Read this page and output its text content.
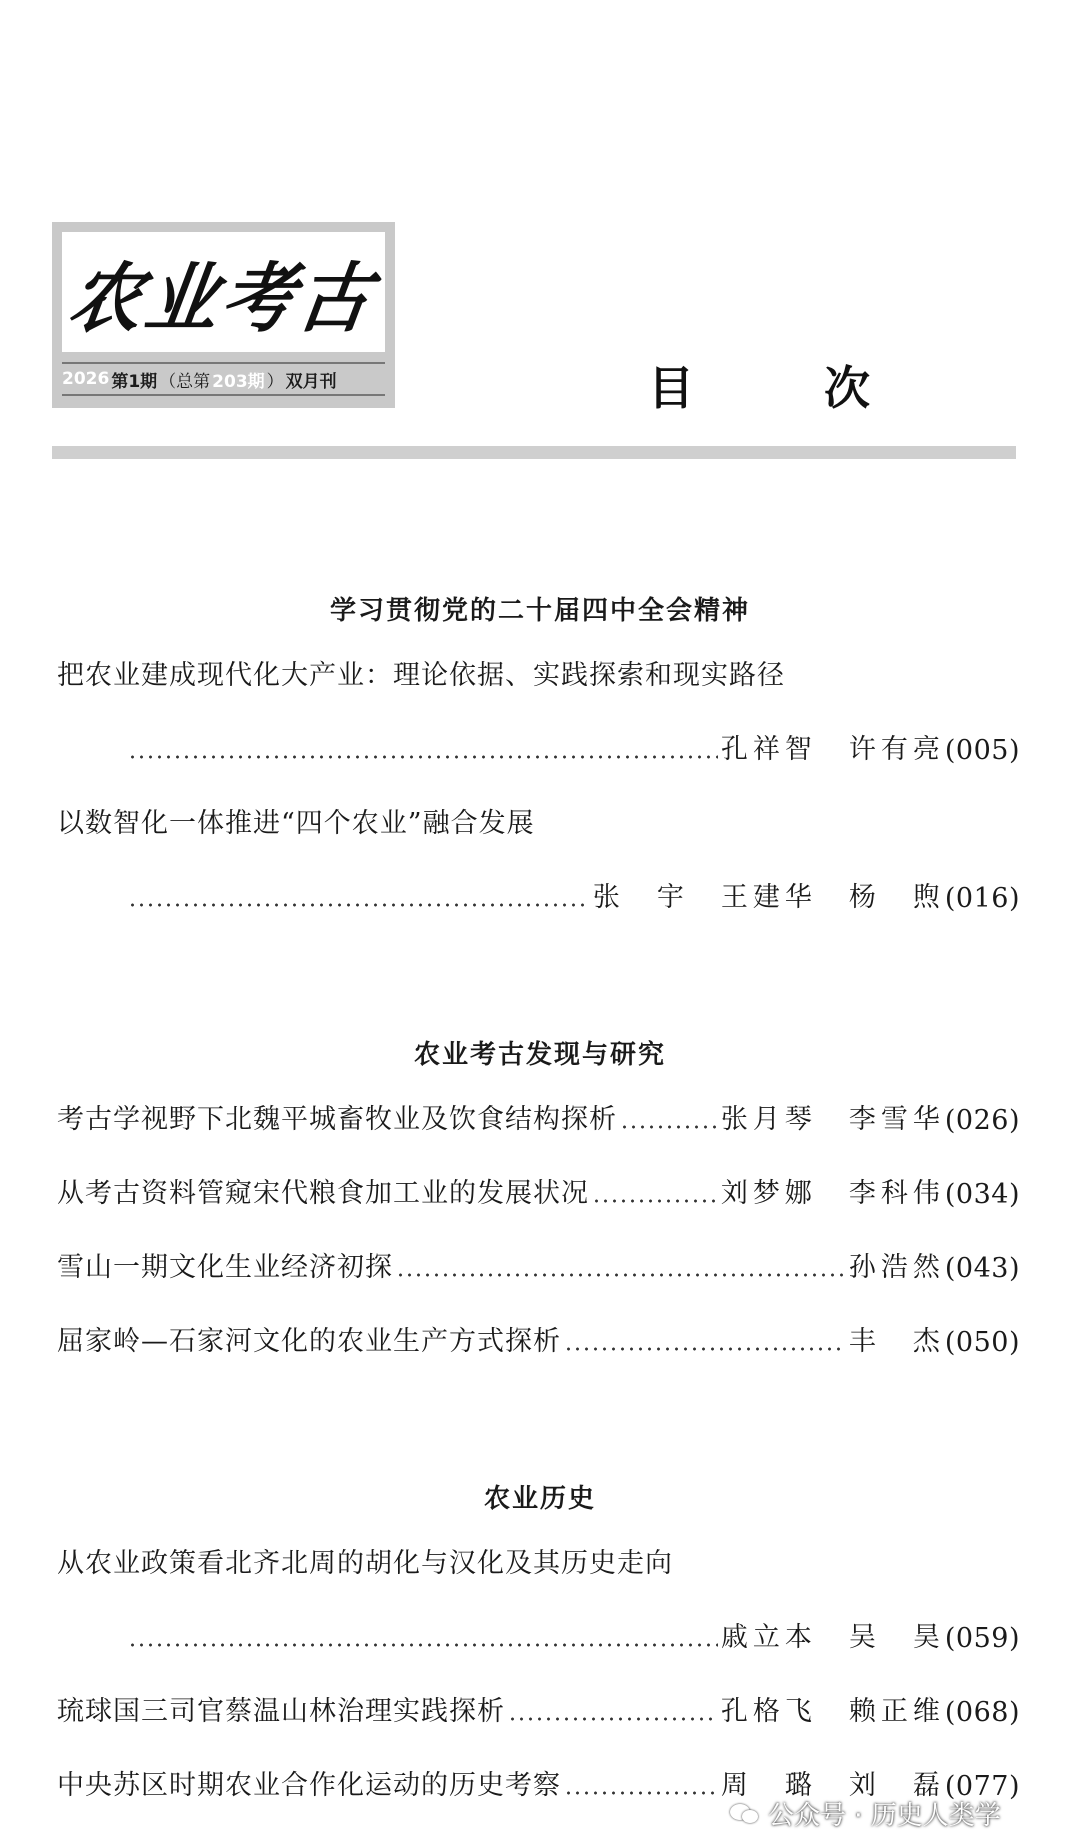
农业考古
2026 第1期 （总第 203期 ） 双月刊	目　次
学习贯彻党的二十届四中全会精神
把农业建成现代化大产业：理论依据、实践探索和现实路径
孔祥智　许有亮 (005)
以数智化一体推进“四个农业”融合发展
张　宇　王建华　杨　煦 (016)
农业考古发现与研究
考古学视野下北魏平城畜牧业及饮食结构探析	张月琴　李雪华 (026)
从考古资料管窥宋代粮食加工业的发展状况	刘梦娜　李科伟 (034)
雪山一期文化生业经济初探	孙浩然 (043)
屈家岭—石家河文化的农业生产方式探析	丰　杰 (050)
农业历史
从农业政策看北齐北周的胡化与汉化及其历史走向
戚立本　吴　昊 (059)
琉球国三司官蔡温山林治理实践探析	孔格飞　赖正维 (068)
中央苏区时期农业合作化运动的历史考察	周　璐　刘　磊 (077)
公众号 · 历史人类学
